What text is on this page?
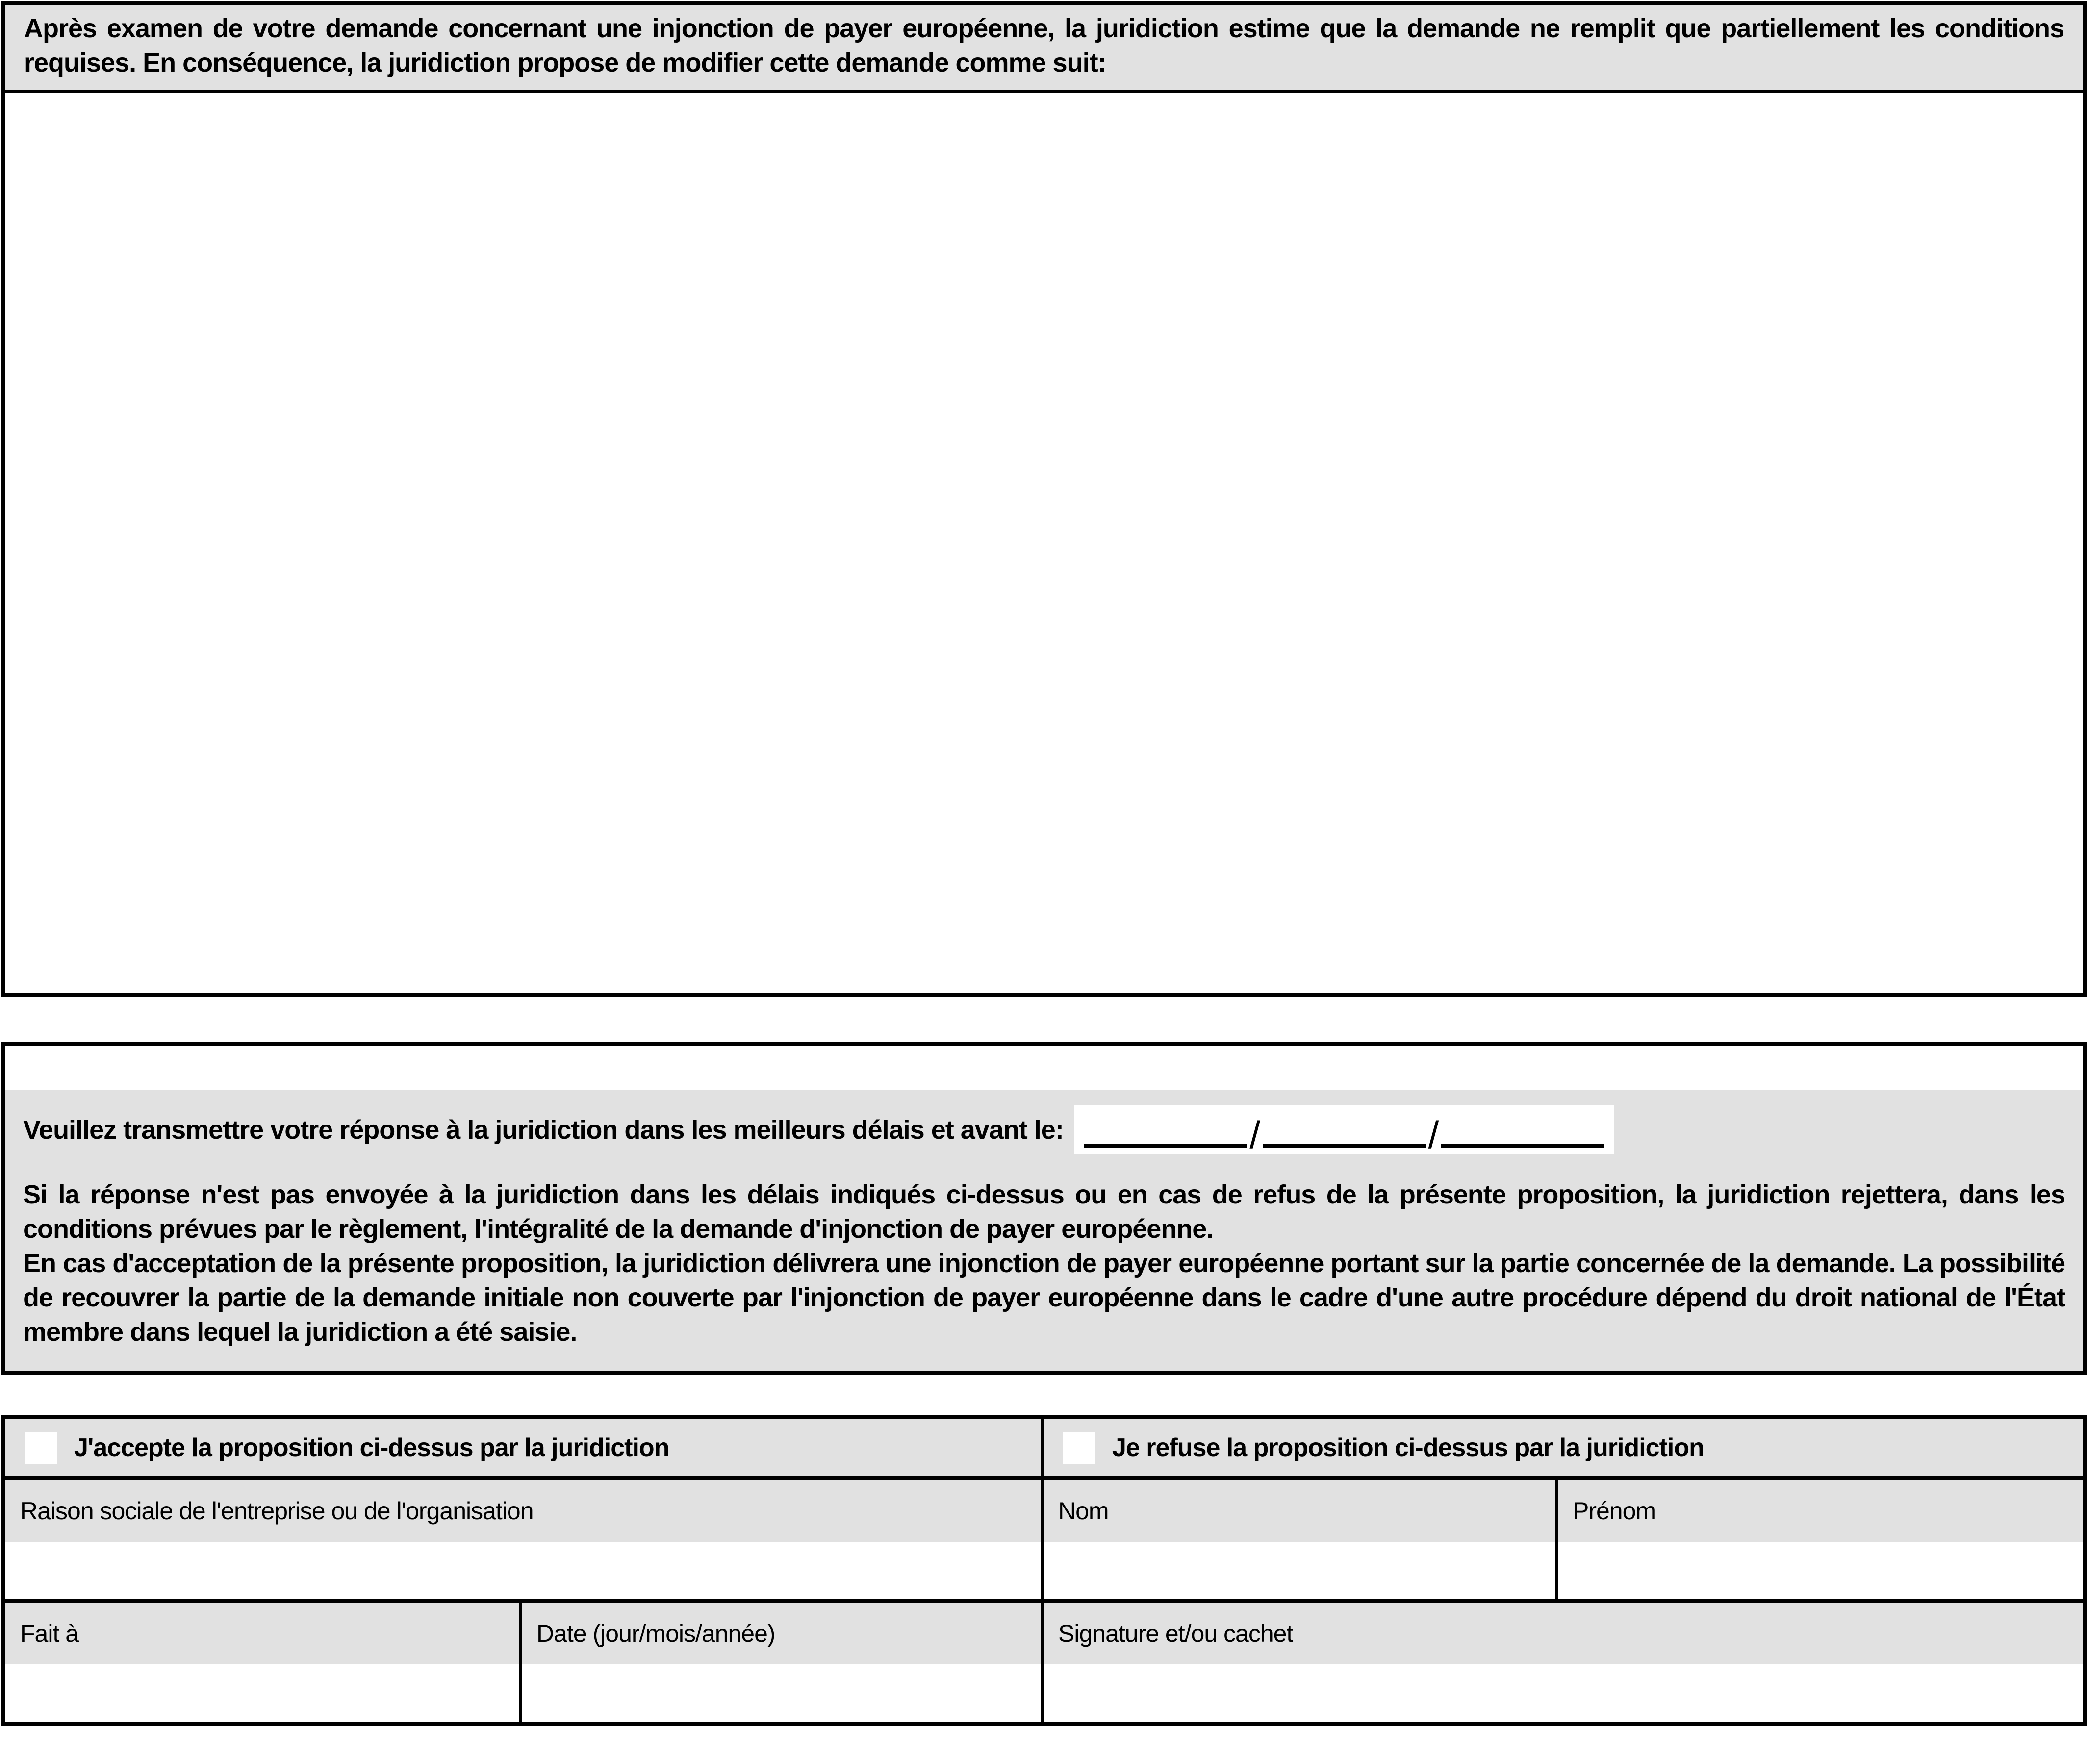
Après examen de votre demande concernant une injonction de payer européenne, la juridiction estime que la demande ne remplit que partiellement les conditions requises. En conséquence, la juridiction propose de modifier cette demande comme suit:
Veuillez transmettre votre réponse à la juridiction dans les meilleurs délais et avant le:	/	/

Si la réponse n'est pas envoyée à la juridiction dans les délais indiqués ci-dessus ou en cas de refus de la présente proposition, la juridiction rejettera, dans les conditions prévues par le règlement, l'intégralité de la demande d'injonction de payer européenne.

En cas d'acceptation de la présente proposition, la juridiction délivrera une injonction de payer européenne portant sur la partie concernée de la demande. La possibilité de recouvrer la partie de la demande initiale non couverte par l'injonction de payer européenne dans le cadre d'une autre procédure dépend du droit national de l'État membre dans lequel la juridiction a été saisie.

J'accepte la proposition ci-dessus par la juridiction	Je refuse la proposition ci-dessus par la juridiction
Raison sociale de l'entreprise ou de l'organisation	Nom	Prénom
Fait à	Date (jour/mois/année)	Signature et/ou cachet
